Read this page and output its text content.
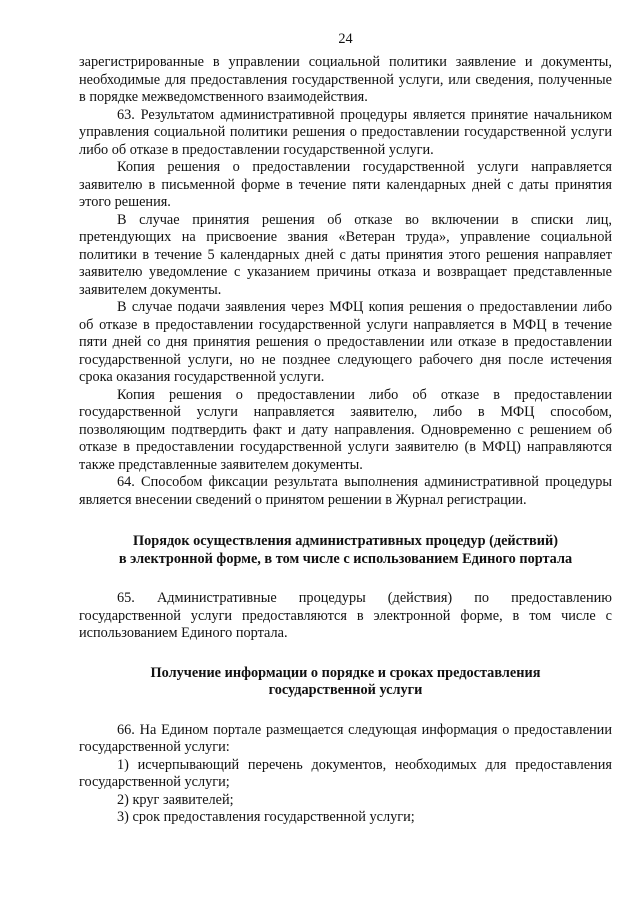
24

зарегистрированные в управлении социальной политики заявление и документы, необходимые для предоставления государственной услуги, или сведения, полученные в порядке межведомственного взаимодействия.

63. Результатом административной процедуры является принятие начальником управления социальной политики решения о предоставлении государственной услуги либо об отказе в предоставлении государственной услуги.

Копия решения о предоставлении государственной услуги направляется заявителю в письменной форме в течение пяти календарных дней с даты принятия этого решения.

В случае принятия решения об отказе во включении в списки лиц, претендующих на присвоение звания «Ветеран труда», управление социальной политики в течение 5 календарных дней с даты принятия этого решения направляет заявителю уведомление с указанием причины отказа и возвращает представленные заявителем документы.

В случае подачи заявления через МФЦ копия решения о предоставлении либо об отказе в предоставлении государственной услуги направляется в МФЦ в течение пяти дней со дня принятия решения о предоставлении или отказе в предоставлении государственной услуги, но не позднее следующего рабочего дня после истечения срока оказания государственной услуги.

Копия решения о предоставлении либо об отказе в предоставлении государственной услуги направляется заявителю, либо в МФЦ способом, позволяющим подтвердить факт и дату направления. Одновременно с решением об отказе в предоставлении государственной услуги заявителю (в МФЦ) направляются также представленные заявителем документы.

64. Способом фиксации результата выполнения административной процедуры является внесении сведений о принятом решении в Журнал регистрации.

Порядок осуществления административных процедур (действий)
в электронной форме, в том числе с использованием Единого портала

65. Административные процедуры (действия) по предоставлению государственной услуги предоставляются в электронной форме, в том числе с использованием Единого портала.

Получение информации о порядке и сроках предоставления
государственной услуги

66. На Едином портале размещается следующая информация о предоставлении государственной услуги:

1) исчерпывающий перечень документов, необходимых для предоставления государственной услуги;

2) круг заявителей;

3) срок предоставления государственной услуги;
